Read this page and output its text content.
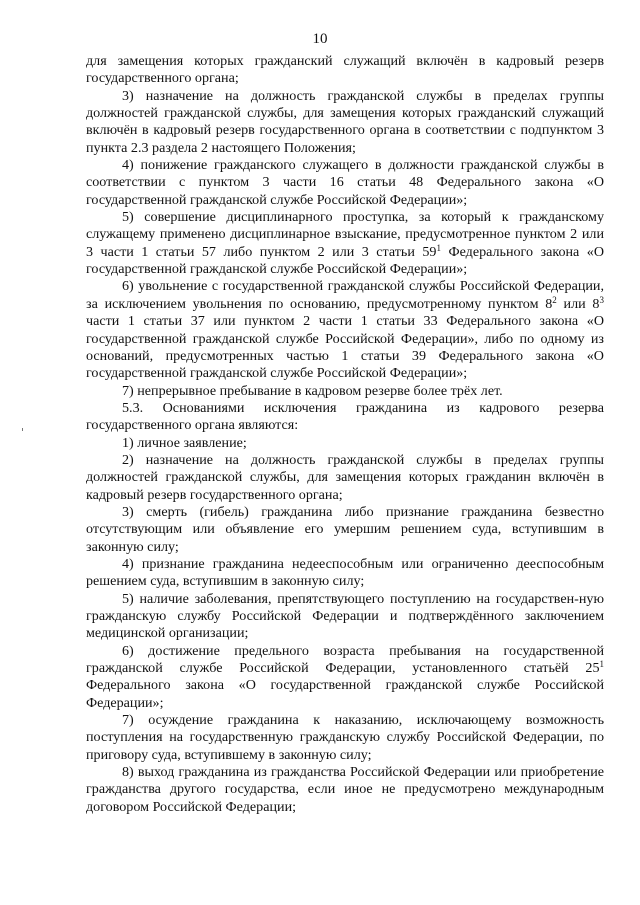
10

для замещения которых гражданский служащий включён в кадровый резерв государственного органа;

3) назначение на должность гражданской службы в пределах группы должностей гражданской службы, для замещения которых гражданский служащий включён в кадровый резерв государственного органа в соответствии с подпунктом 3 пункта 2.3 раздела 2 настоящего Положения;

4) понижение гражданского служащего в должности гражданской службы в соответствии с пунктом 3 части 16 статьи 48 Федерального закона «О государственной гражданской службе Российской Федерации»;

5) совершение дисциплинарного проступка, за который к гражданскому служащему применено дисциплинарное взыскание, предусмотренное пунктом 2 или 3 части 1 статьи 57 либо пунктом 2 или 3 статьи $59^1$ Федерального закона «О государственной гражданской службе Российской Федерации»;

6) увольнение с государственной гражданской службы Российской Федерации, за исключением увольнения по основанию, предусмотренному пунктом $8^2$ или $8^3$ части 1 статьи 37 или пунктом 2 части 1 статьи 33 Федерального закона «О государственной гражданской службе Российской Федерации», либо по одному из оснований, предусмотренных частью 1 статьи 39 Федерального закона «О государственной гражданской службе Российской Федерации»;

7) непрерывное пребывание в кадровом резерве более трёх лет.

5.3. Основаниями исключения гражданина из кадрового резерва государственного органа являются:

1) личное заявление;

2) назначение на должность гражданской службы в пределах группы должностей гражданской службы, для замещения которых гражданин включён в кадровый резерв государственного органа;

3) смерть (гибель) гражданина либо признание гражданина безвестно отсутствующим или объявление его умершим решением суда, вступившим в законную силу;

4) признание гражданина недееспособным или ограниченно дееспособным решением суда, вступившим в законную силу;

5) наличие заболевания, препятствующего поступлению на государствен-ную гражданскую службу Российской Федерации и подтверждённого заключением медицинской организации;

6) достижение предельного возраста пребывания на государственной гражданской службе Российской Федерации, установленного статьёй $25^1$ Федерального закона «О государственной гражданской службе Российской Федерации»;

7) осуждение гражданина к наказанию, исключающему возможность поступления на государственную гражданскую службу Российской Федерации, по приговору суда, вступившему в законную силу;

8) выход гражданина из гражданства Российской Федерации или приобретение гражданства другого государства, если иное не предусмотрено международным договором Российской Федерации;
